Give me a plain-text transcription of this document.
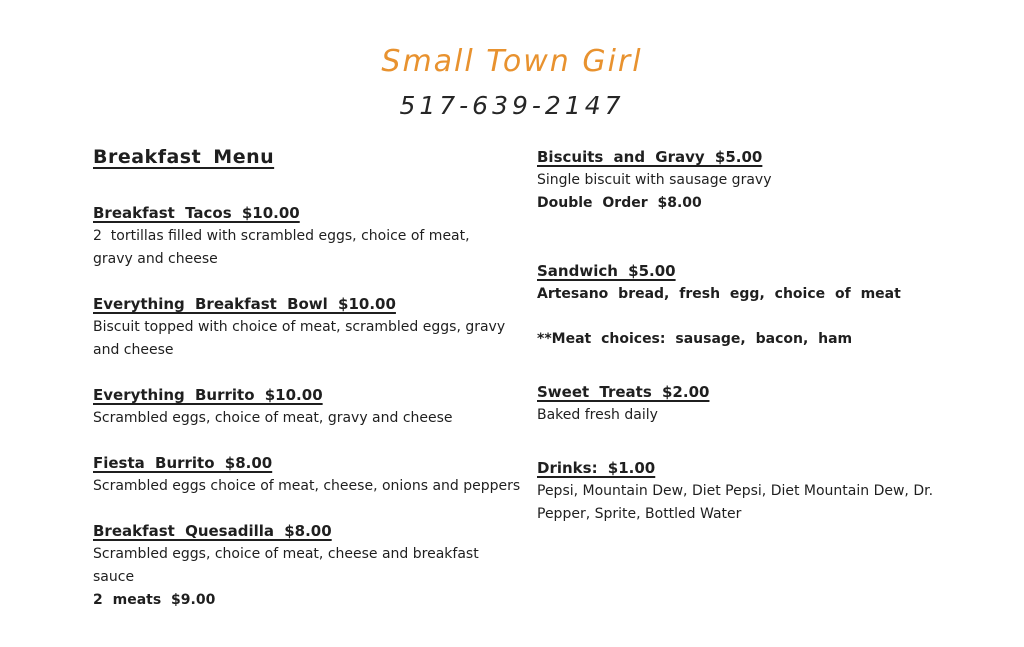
Small Town Girl
517-639-2147
Breakfast Menu
Breakfast Tacos $10.00
2  tortillas filled with scrambled eggs, choice of meat,
gravy and cheese
Everything Breakfast Bowl $10.00
Biscuit topped with choice of meat, scrambled eggs, gravy
and cheese
Everything Burrito $10.00
Scrambled eggs, choice of meat, gravy and cheese
Fiesta Burrito $8.00
Scrambled eggs choice of meat, cheese, onions and peppers
Breakfast Quesadilla $8.00
Scrambled eggs, choice of meat, cheese and breakfast
sauce
2 meats $9.00
Biscuits and Gravy $5.00
Single biscuit with sausage gravy
Double Order $8.00
Sandwich $5.00
Artesano bread, fresh egg, choice of meat
**Meat choices: sausage, bacon, ham
Sweet Treats $2.00
Baked fresh daily
Drinks: $1.00
Pepsi, Mountain Dew, Diet Pepsi, Diet Mountain Dew, Dr.
Pepper, Sprite, Bottled Water
